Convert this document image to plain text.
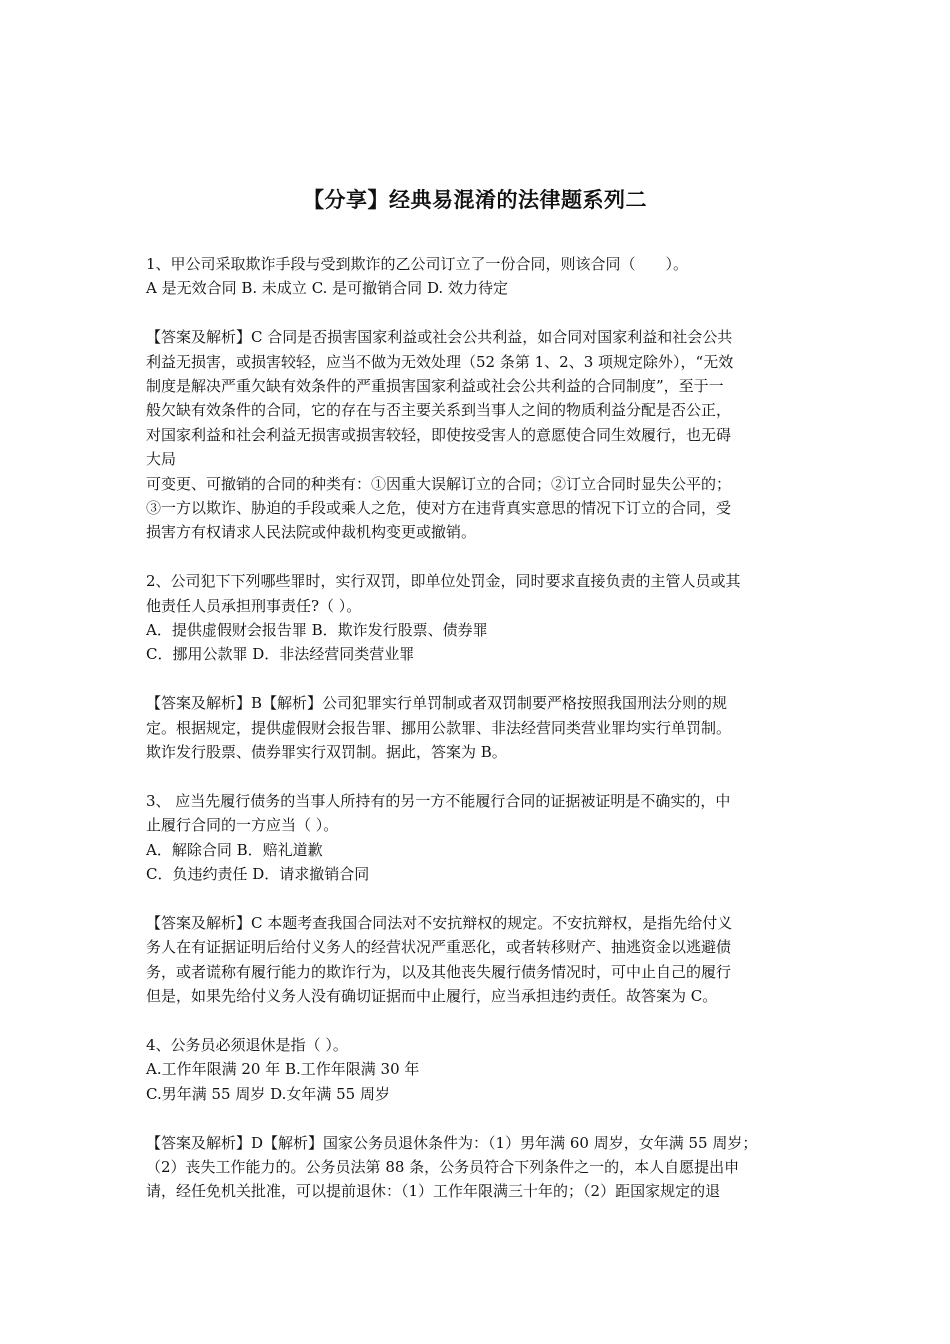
【分享】经典易混淆的法律题系列二
1、甲公司采取欺诈手段与受到欺诈的乙公司订立了一份合同，则该合同（　　）。
A 是无效合同 B. 未成立 C. 是可撤销合同 D. 效力待定
【答案及解析】C 合同是否损害国家利益或社会公共利益，如合同对国家利益和社会公共
利益无损害，或损害较轻，应当不做为无效处理（52 条第 1、2、3 项规定除外），“无效
制度是解决严重欠缺有效条件的严重损害国家利益或社会公共利益的合同制度”，至于一
般欠缺有效条件的合同，它的存在与否主要关系到当事人之间的物质利益分配是否公正，
对国家利益和社会利益无损害或损害较轻，即使按受害人的意愿使合同生效履行，也无碍
大局
可变更、可撤销的合同的种类有：①因重大误解订立的合同；②订立合同时显失公平的；
③一方以欺诈、胁迫的手段或乘人之危，使对方在违背真实意思的情况下订立的合同，受
损害方有权请求人民法院或仲裁机构变更或撤销。
2、公司犯下下列哪些罪时，实行双罚，即单位处罚金，同时要求直接负责的主管人员或其
他责任人员承担刑事责任?（ ）。
A．提供虚假财会报告罪 B．欺诈发行股票、债券罪
C．挪用公款罪 D．非法经营同类营业罪
【答案及解析】B【解析】公司犯罪实行单罚制或者双罚制要严格按照我国刑法分则的规
定。根据规定，提供虚假财会报告罪、挪用公款罪、非法经营同类营业罪均实行单罚制。
欺诈发行股票、债券罪实行双罚制。据此，答案为 B。
3、 应当先履行债务的当事人所持有的另一方不能履行合同的证据被证明是不确实的，中
止履行合同的一方应当（ ）。
A．解除合同 B．赔礼道歉
C．负违约责任 D．请求撤销合同
【答案及解析】C 本题考查我国合同法对不安抗辩权的规定。不安抗辩权，是指先给付义
务人在有证据证明后给付义务人的经营状况严重恶化，或者转移财产、抽逃资金以逃避债
务，或者谎称有履行能力的欺诈行为，以及其他丧失履行债务情况时，可中止自己的履行
但是，如果先给付义务人没有确切证据而中止履行，应当承担违约责任。故答案为 C。
4、公务员必须退休是指（ ）。
A.工作年限满 20 年 B.工作年限满 30 年
C.男年满 55 周岁 D.女年满 55 周岁
【答案及解析】D【解析】国家公务员退休条件为：（1）男年满 60 周岁，女年满 55 周岁；
（2）丧失工作能力的。公务员法第 88 条，公务员符合下列条件之一的，本人自愿提出申
请，经任免机关批准，可以提前退休：（1）工作年限满三十年的；（2）距国家规定的退
